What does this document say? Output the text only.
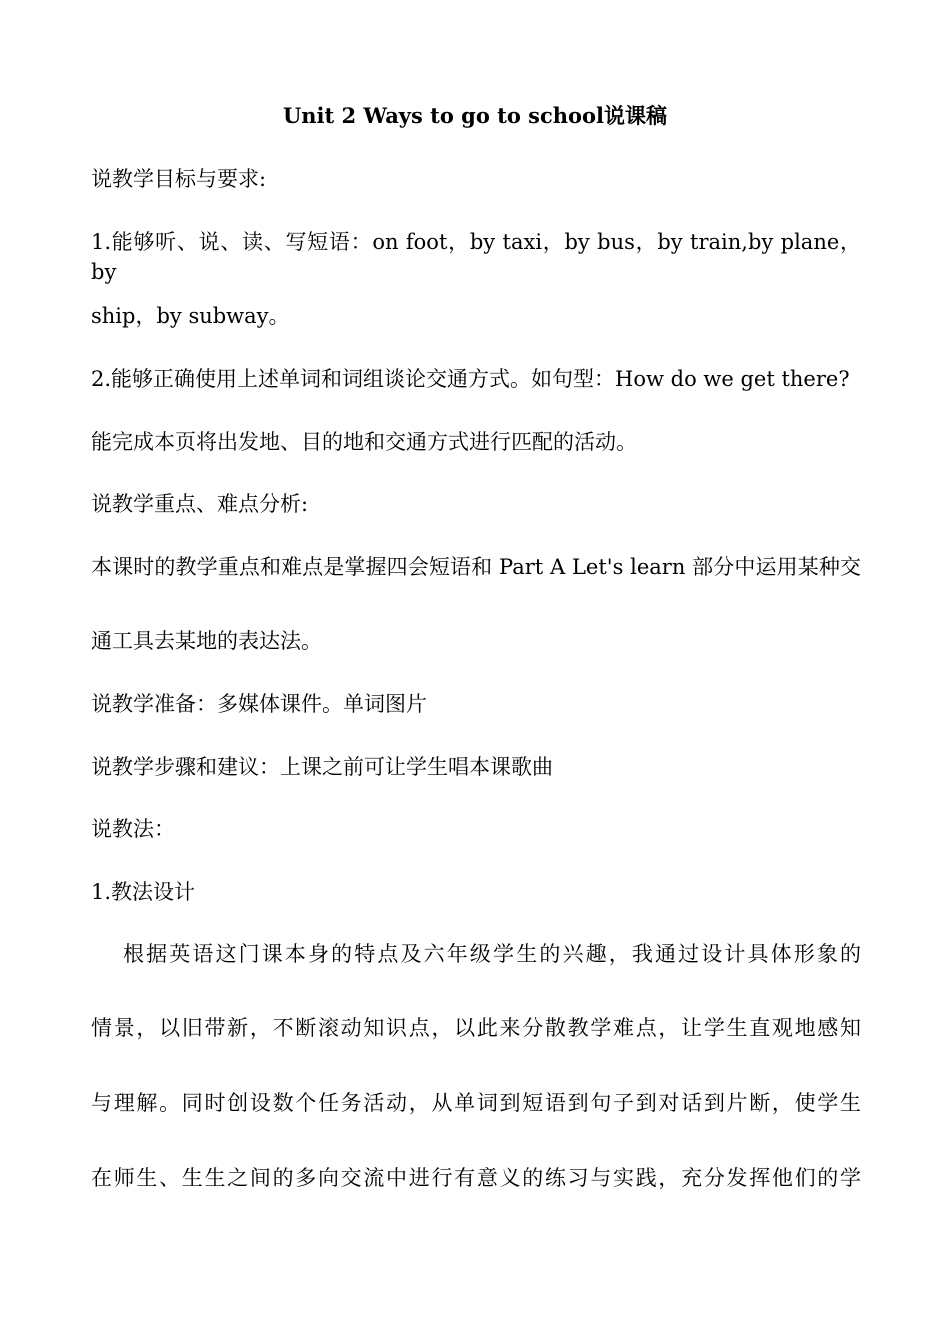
Unit 2 Ways to go to school说课稿
说教学目标与要求:
1.能够听、说、读、写短语：on foot，by taxi，by bus，by train,by plane，by
ship，by subway。
2.能够正确使用上述单词和词组谈论交通方式。如句型：How do we get there?
能完成本页将出发地、目的地和交通方式进行匹配的活动。
说教学重点、难点分析:
本课时的教学重点和难点是掌握四会短语和 Part A Let's learn 部分中运用某种交
通工具去某地的表达法。
说教学准备：多媒体课件。单词图片
说教学步骤和建议：上课之前可让学生唱本课歌曲
说教法：
1.教法设计
根据英语这门课本身的特点及六年级学生的兴趣，我通过设计具体形象的
情景，以旧带新，不断滚动知识点，以此来分散教学难点，让学生直观地感知
与理解。同时创设数个任务活动，从单词到短语到句子到对话到片断，使学生
在师生、生生之间的多向交流中进行有意义的练习与实践，充分发挥他们的学
